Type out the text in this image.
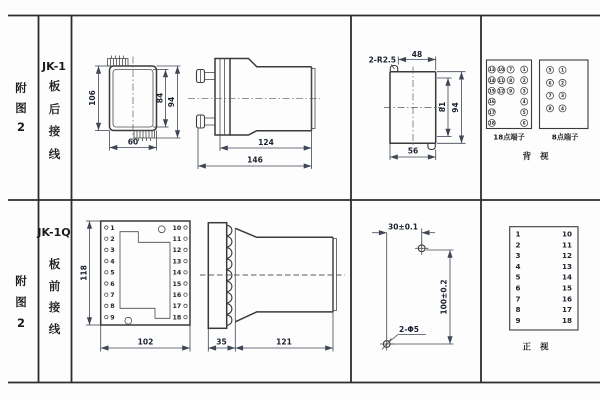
106	84 94
60	124
146
48
2-R2.5
81 94
56
13 10 7 1
14 11 8 2
15 12 9 3
16	4
17	5
18	6
5 1
6 2
7 3
8 4
18点端子	8点端子
背 视
1
2
3
4
5
6
7
8
9
10
11
12
13
14
15
16
17
18
118
102	35	121
30±0.1
100±0.2
2-Φ5
1	10
2	11
3	12
4	13
5	14
6	15
7	16
8	17
9	18
正 视
附图2
JK-1
板后接线
附图2
JK-1Q
板前接线
